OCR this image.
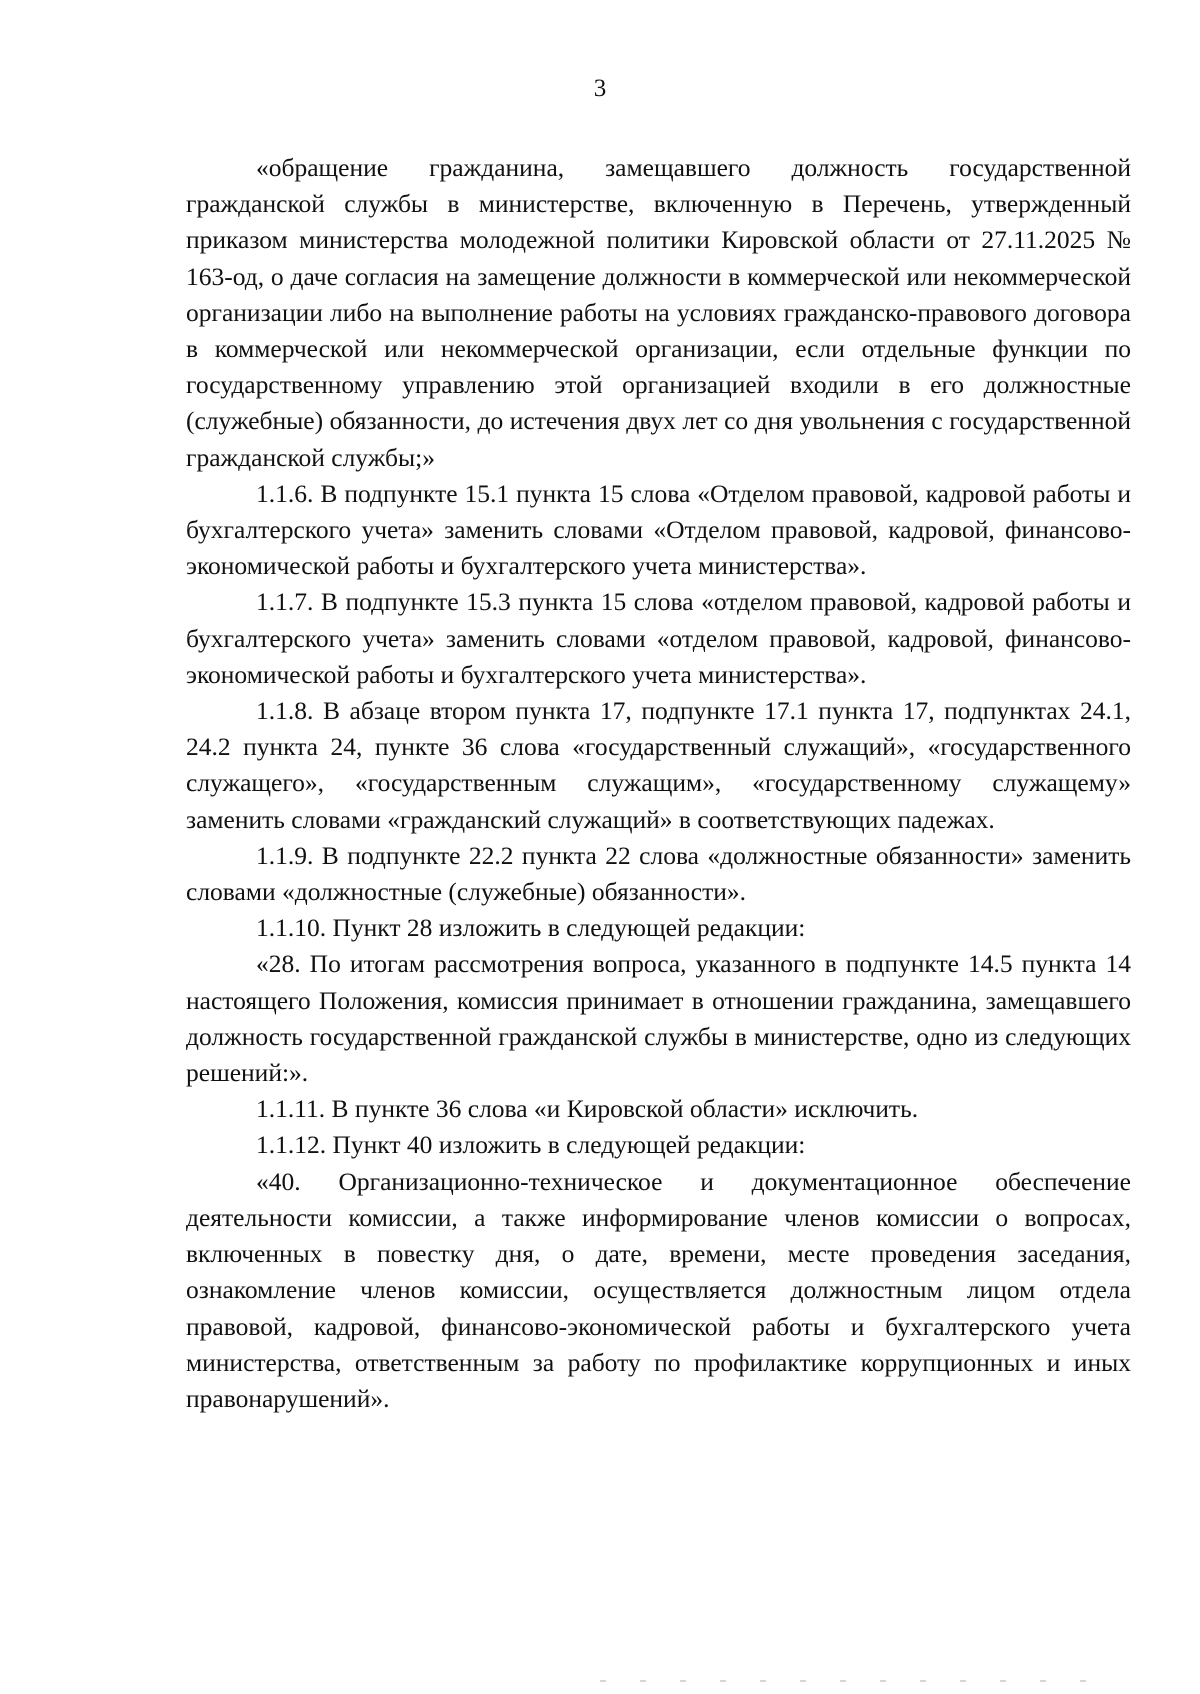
3

«обращение гражданина, замещавшего должность государственной гражданской службы в министерстве, включенную в Перечень, утвержденный приказом министерства молодежной политики Кировской области от 27.11.2025 № 163-од, о даче согласия на замещение должности в коммерческой или некоммерческой организации либо на выполнение работы на условиях гражданско-правового договора в коммерческой или некоммерческой организации, если отдельные функции по государственному управлению этой организацией входили в его должностные (служебные) обязанности, до истечения двух лет со дня увольнения с государственной гражданской службы;»

1.1.6. В подпункте 15.1 пункта 15 слова «Отделом правовой, кадровой работы и бухгалтерского учета» заменить словами «Отделом правовой, кадровой, финансово-экономической работы и бухгалтерского учета министерства».

1.1.7. В подпункте 15.3 пункта 15 слова «отделом правовой, кадровой работы и бухгалтерского учета» заменить словами «отделом правовой, кадровой, финансово-экономической работы и бухгалтерского учета министерства».

1.1.8. В абзаце втором пункта 17, подпункте 17.1 пункта 17, подпунктах 24.1, 24.2 пункта 24, пункте 36 слова «государственный служащий», «государственного служащего», «государственным служащим», «государственному служащему» заменить словами «гражданский служащий» в соответствующих падежах.

1.1.9. В подпункте 22.2 пункта 22 слова «должностные обязанности» заменить словами «должностные (служебные) обязанности».

1.1.10. Пункт 28 изложить в следующей редакции:

«28. По итогам рассмотрения вопроса, указанного в подпункте 14.5 пункта 14 настоящего Положения, комиссия принимает в отношении гражданина, замещавшего должность государственной гражданской службы в министерстве, одно из следующих решений:».

1.1.11. В пункте 36 слова «и Кировской области» исключить.

1.1.12. Пункт 40 изложить в следующей редакции:

«40. Организационно-техническое и документационное обеспечение деятельности комиссии, а также информирование членов комиссии о вопросах, включенных в повестку дня, о дате, времени, месте проведения заседания, ознакомление членов комиссии, осуществляется должностным лицом отдела правовой, кадровой, финансово-экономической работы и бухгалтерского учета министерства, ответственным за работу по профилактике коррупционных и иных правонарушений».
